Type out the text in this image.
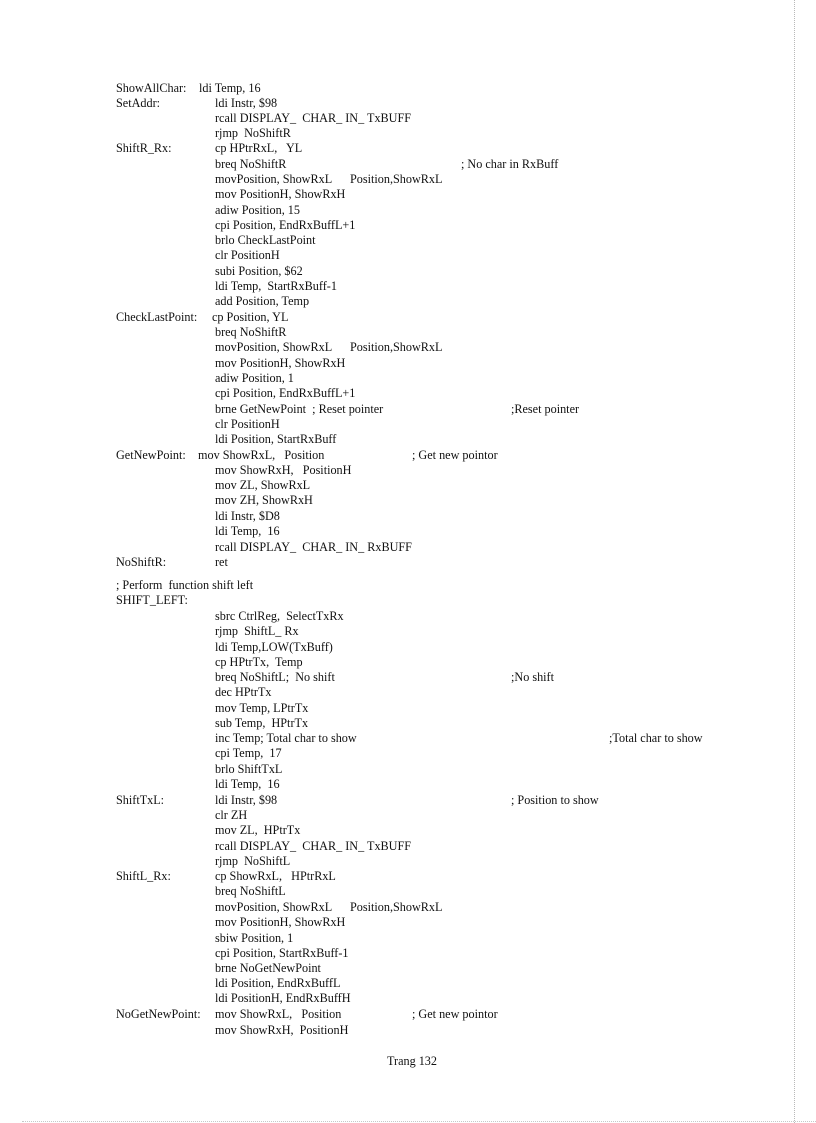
ShowAllChar: ldi Temp, 16
SetAddr:	ldi Instr, $98
rcall DISPLAY_  CHAR_ IN_ TxBUFF
rjmp  NoShiftR
ShiftR_Rx:	cp HPtrRxL,   YL
breq NoShiftR	; No char in RxBuff
movPosition, ShowRxL      Position,ShowRxL
mov PositionH, ShowRxH
adiw Position, 15
cpi Position, EndRxBuffL+1
brlo CheckLastPoint
clr PositionH
subi Position, $62
ldi Temp,  StartRxBuff-1
add Position, Temp
CheckLastPoint: cp Position, YL
breq NoShiftR
movPosition, ShowRxL      Position,ShowRxL
mov PositionH, ShowRxH
adiw Position, 1
cpi Position, EndRxBuffL+1
brne GetNewPoint  ; Reset pointer	;Reset pointer
clr PositionH
ldi Position, StartRxBuff
GetNewPoint: mov ShowRxL,   Position	; Get new pointor
mov ShowRxH,   PositionH
mov ZL, ShowRxL
mov ZH, ShowRxH
ldi Instr, $D8
ldi Temp,  16
rcall DISPLAY_  CHAR_ IN_ RxBUFF
NoShiftR:	ret
; Perform  function shift left
SHIFT_LEFT:
sbrc CtrlReg,  SelectTxRx
rjmp  ShiftL_ Rx
ldi Temp,LOW(TxBuff)
cp HPtrTx,  Temp
breq NoShiftL;  No shift	;No shift
dec HPtrTx
mov Temp, LPtrTx
sub Temp,  HPtrTx
inc Temp; Total char to show	;Total char to show
cpi Temp,  17
brlo ShiftTxL
ldi Temp,  16
ShiftTxL:	ldi Instr, $98	; Position to show
clr ZH
mov ZL,  HPtrTx
rcall DISPLAY_  CHAR_ IN_ TxBUFF
rjmp  NoShiftL
ShiftL_Rx:	cp ShowRxL,   HPtrRxL
breq NoShiftL
movPosition, ShowRxL      Position,ShowRxL
mov PositionH, ShowRxH
sbiw Position, 1
cpi Position, StartRxBuff-1
brne NoGetNewPoint
ldi Position, EndRxBuffL
ldi PositionH, EndRxBuffH
NoGetNewPoint: mov ShowRxL,   Position	; Get new pointor
mov ShowRxH,  PositionH
Trang 132
